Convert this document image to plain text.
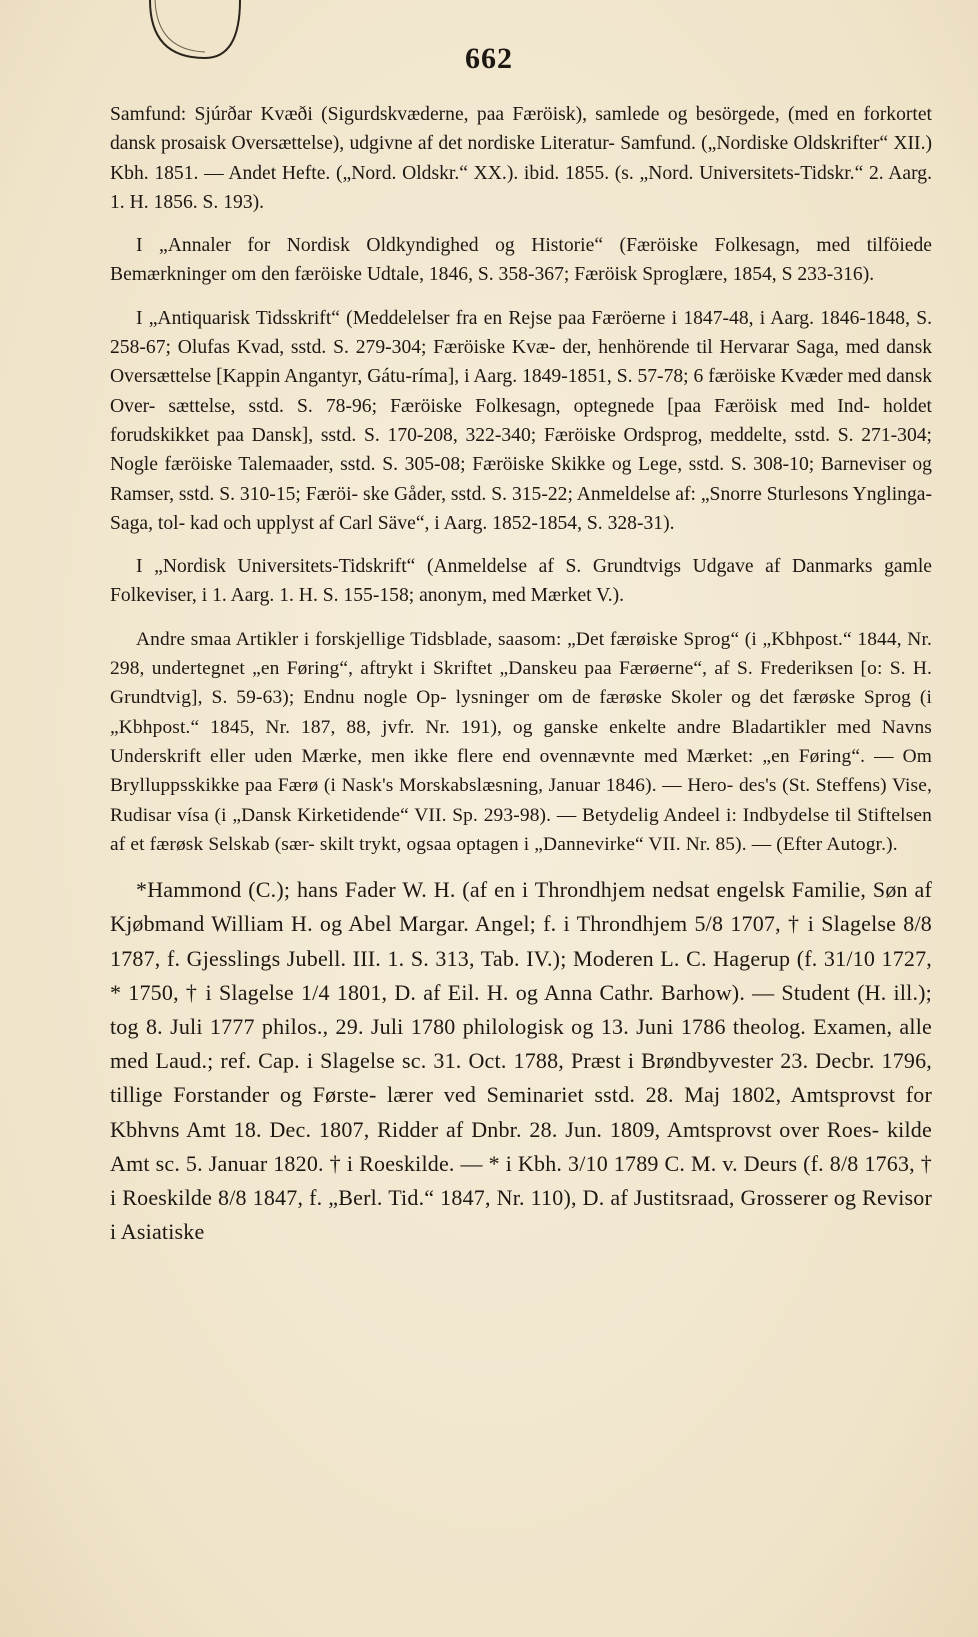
662

Samfund: Sjúrðar Kvæði (Sigurdskvæderne, paa Færöisk), samlede og besörgede, (med en forkortet dansk prosaisk Oversættelse), udgivne af det nordiske Literatur- Samfund. („Nordiske Oldskrifter“ XII.) Kbh. 1851. — Andet Hefte. („Nord. Oldskr.“ XX.). ibid. 1855. (s. „Nord. Universitets-Tidskr.“ 2. Aarg. 1. H. 1856. S. 193).

I „Annaler for Nordisk Oldkyndighed og Historie“ (Færöiske Folkesagn, med tilföiede Bemærkninger om den færöiske Udtale, 1846, S. 358-367; Færöisk Sproglære, 1854, S 233-316).

I „Antiquarisk Tidsskrift“ (Meddelelser fra en Rejse paa Færöerne i 1847-48, i Aarg. 1846-1848, S. 258-67; Olufas Kvad, sstd. S. 279-304; Færöiske Kvæ- der, henhörende til Hervarar Saga, med dansk Oversættelse [Kappin Angantyr, Gátu-ríma], i Aarg. 1849-1851, S. 57-78; 6 færöiske Kvæder med dansk Over- sættelse, sstd. S. 78-96; Færöiske Folkesagn, optegnede [paa Færöisk med Ind- holdet forudskikket paa Dansk], sstd. S. 170-208, 322-340; Færöiske Ordsprog, meddelte, sstd. S. 271-304; Nogle færöiske Talemaader, sstd. S. 305-08; Færöiske Skikke og Lege, sstd. S. 308-10; Barneviser og Ramser, sstd. S. 310-15; Færöi- ske Gåder, sstd. S. 315-22; Anmeldelse af: „Snorre Sturlesons Ynglinga-Saga, tol- kad och upplyst af Carl Säve“, i Aarg. 1852-1854, S. 328-31).

I „Nordisk Universitets-Tidskrift“ (Anmeldelse af S. Grundtvigs Udgave af Danmarks gamle Folkeviser, i 1. Aarg. 1. H. S. 155-158; anonym, med Mærket V.).

Andre smaa Artikler i forskjellige Tidsblade, saasom: „Det færøiske Sprog“ (i „Kbhpost.“ 1844, Nr. 298, undertegnet „en Føring“, aftrykt i Skriftet „Danskeu paa Færøerne“, af S. Frederiksen [o: S. H. Grundtvig], S. 59-63); Endnu nogle Op- lysninger om de færøske Skoler og det færøske Sprog (i „Kbhpost.“ 1845, Nr. 187, 88, jvfr. Nr. 191), og ganske enkelte andre Bladartikler med Navns Underskrift eller uden Mærke, men ikke flere end ovennævnte med Mærket: „en Føring“. — Om Brylluppsskikke paa Færø (i Nask's Morskabslæsning, Januar 1846). — Hero- des's (St. Steffens) Vise, Rudisar vísa (i „Dansk Kirketidende“ VII. Sp. 293-98). — Betydelig Andeel i: Indbydelse til Stiftelsen af et færøsk Selskab (sær- skilt trykt, ogsaa optagen i „Dannevirke“ VII. Nr. 85). — (Efter Autogr.).

*Hammond (C.); hans Fader W. H. (af en i Throndhjem nedsat engelsk Familie, Søn af Kjøbmand William H. og Abel Margar. Angel; f. i Throndhjem 5/8 1707, † i Slagelse 8/8 1787, f. Gjesslings Jubell. III. 1. S. 313, Tab. IV.); Moderen L. C. Hagerup (f. 31/10 1727, * 1750, † i Slagelse 1/4 1801, D. af Eil. H. og Anna Cathr. Barhow). — Student (H. ill.); tog 8. Juli 1777 philos., 29. Juli 1780 philologisk og 13. Juni 1786 theolog. Examen, alle med Laud.; ref. Cap. i Slagelse sc. 31. Oct. 1788, Præst i Brøndbyvester 23. Decbr. 1796, tillige Forstander og Første- lærer ved Seminariet sstd. 28. Maj 1802, Amtsprovst for Kbhvns Amt 18. Dec. 1807, Ridder af Dnbr. 28. Jun. 1809, Amtsprovst over Roes- kilde Amt sc. 5. Januar 1820. † i Roeskilde. — * i Kbh. 3/10 1789 C. M. v. Deurs (f. 8/8 1763, † i Roeskilde 8/8 1847, f. „Berl. Tid.“ 1847, Nr. 110), D. af Justitsraad, Grosserer og Revisor i Asiatiske
